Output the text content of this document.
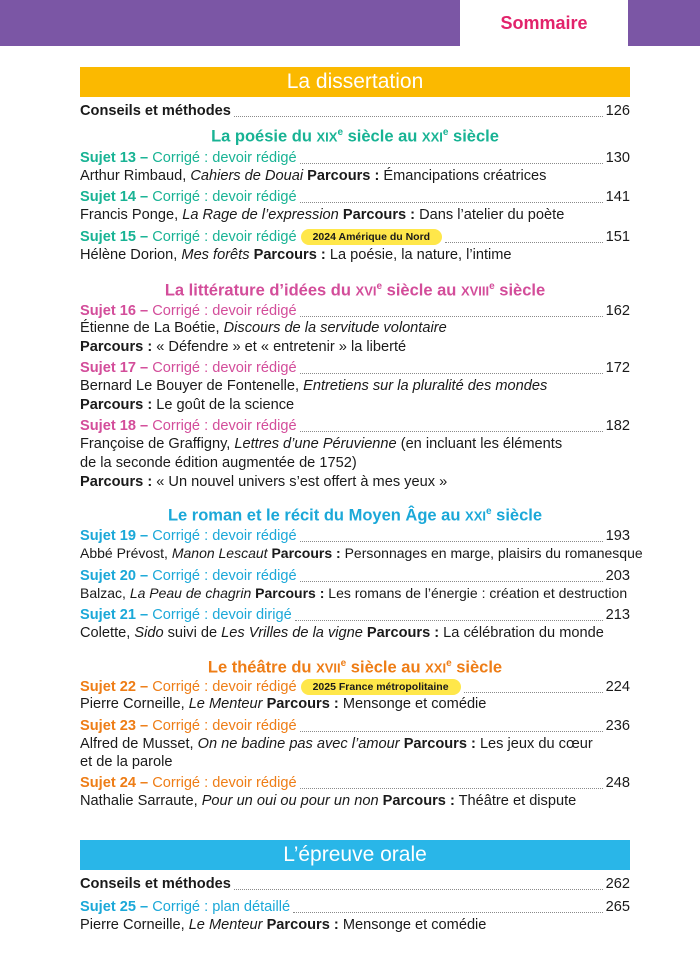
Sommaire
La dissertation
Conseils et méthodes	126
La poésie du XIXe siècle au XXIe siècle
Sujet 13 – Corrigé : devoir rédigé	130
Arthur Rimbaud, Cahiers de Douai Parcours : Émancipations créatrices
Sujet 14 – Corrigé : devoir rédigé	141
Francis Ponge, La Rage de l’expression Parcours : Dans l’atelier du poète
Sujet 15 – Corrigé : devoir rédigé	2024 Amérique du Nord	151
Hélène Dorion, Mes forêts Parcours : La poésie, la nature, l’intime
La littérature d’idées du XVIe siècle au XVIIIe siècle
Sujet 16 – Corrigé : devoir rédigé	162
Étienne de La Boétie, Discours de la servitude volontaire
Parcours : « Défendre » et « entretenir » la liberté
Sujet 17 – Corrigé : devoir rédigé	172
Bernard Le Bouyer de Fontenelle, Entretiens sur la pluralité des mondes
Parcours : Le goût de la science
Sujet 18 – Corrigé : devoir rédigé	182
Françoise de Graffigny, Lettres d’une Péruvienne (en incluant les éléments
de la seconde édition augmentée de 1752)
Parcours : « Un nouvel univers s’est offert à mes yeux »
Le roman et le récit du Moyen Âge au XXIe siècle
Sujet 19 – Corrigé : devoir rédigé	193
Abbé Prévost, Manon Lescaut Parcours : Personnages en marge, plaisirs du romanesque
Sujet 20 – Corrigé : devoir rédigé	203
Balzac, La Peau de chagrin Parcours : Les romans de l’énergie : création et destruction
Sujet 21 – Corrigé : devoir dirigé	213
Colette, Sido suivi de Les Vrilles de la vigne Parcours : La célébration du monde
Le théâtre du XVIIe siècle au XXIe siècle
Sujet 22 – Corrigé : devoir rédigé	2025 France métropolitaine	224
Pierre Corneille, Le Menteur Parcours : Mensonge et comédie
Sujet 23 – Corrigé : devoir rédigé	236
Alfred de Musset, On ne badine pas avec l’amour Parcours : Les jeux du cœur
et de la parole
Sujet 24 – Corrigé : devoir rédigé	248
Nathalie Sarraute, Pour un oui ou pour un non Parcours : Théâtre et dispute
L’épreuve orale
Conseils et méthodes	262
Sujet 25 – Corrigé : plan détaillé	265
Pierre Corneille, Le Menteur Parcours : Mensonge et comédie
